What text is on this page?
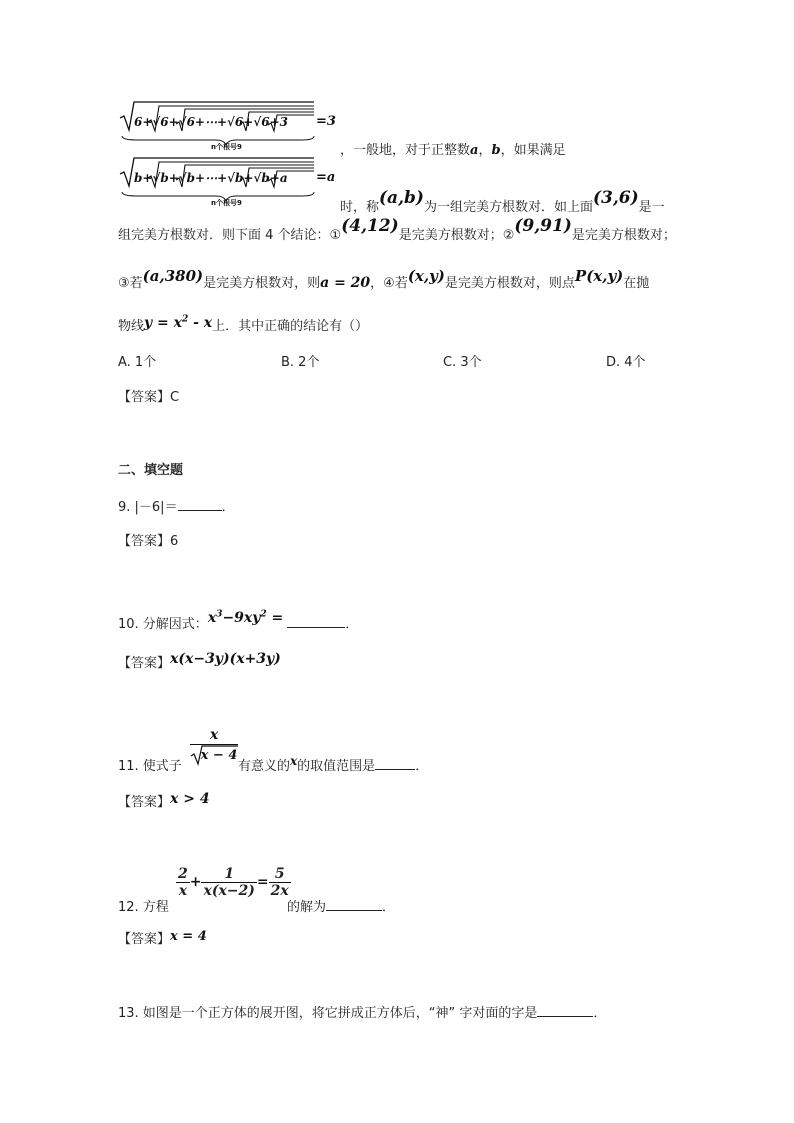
6+√6+√6+⋯+√6+√6+3 =3
n个根号9	，一般地，对于正整数a，b，如果满足
b+√b+√b+⋯+√b+√b+a =a
n个根号9	时，称(a,b)为一组完美方根数对．如上面(3,6)是一
组完美方根数对．则下面 4 个结论：①(4,12)是完美方根数对；②(9,91)是完美方根数对；
③若(a,380)是完美方根数对，则a = 20，④若(x,y)是完美方根数对，则点P(x,y)在抛
物线$y = x^2 - x$上．其中正确的结论有（）
A. 1个	B. 2个	C. 3个	D. 4个
【答案】C
二、填空题
9. |－6|＝	．
【答案】6
10. 分解因式：$x^3-9xy^2$ =	．
【答案】x(x−3y)(x+3y)
11. 使式子
x
x − 4
有意义的x的取值范围是	．
【答案】x > 4
12. 方程
$\frac{2}{x} + \frac{1}{x(x-2)} = \frac{5}{2x}$
的解为	．
【答案】x = 4
13. 如图是一个正方体的展开图，将它拼成正方体后，“神” 字对面的字是	．
